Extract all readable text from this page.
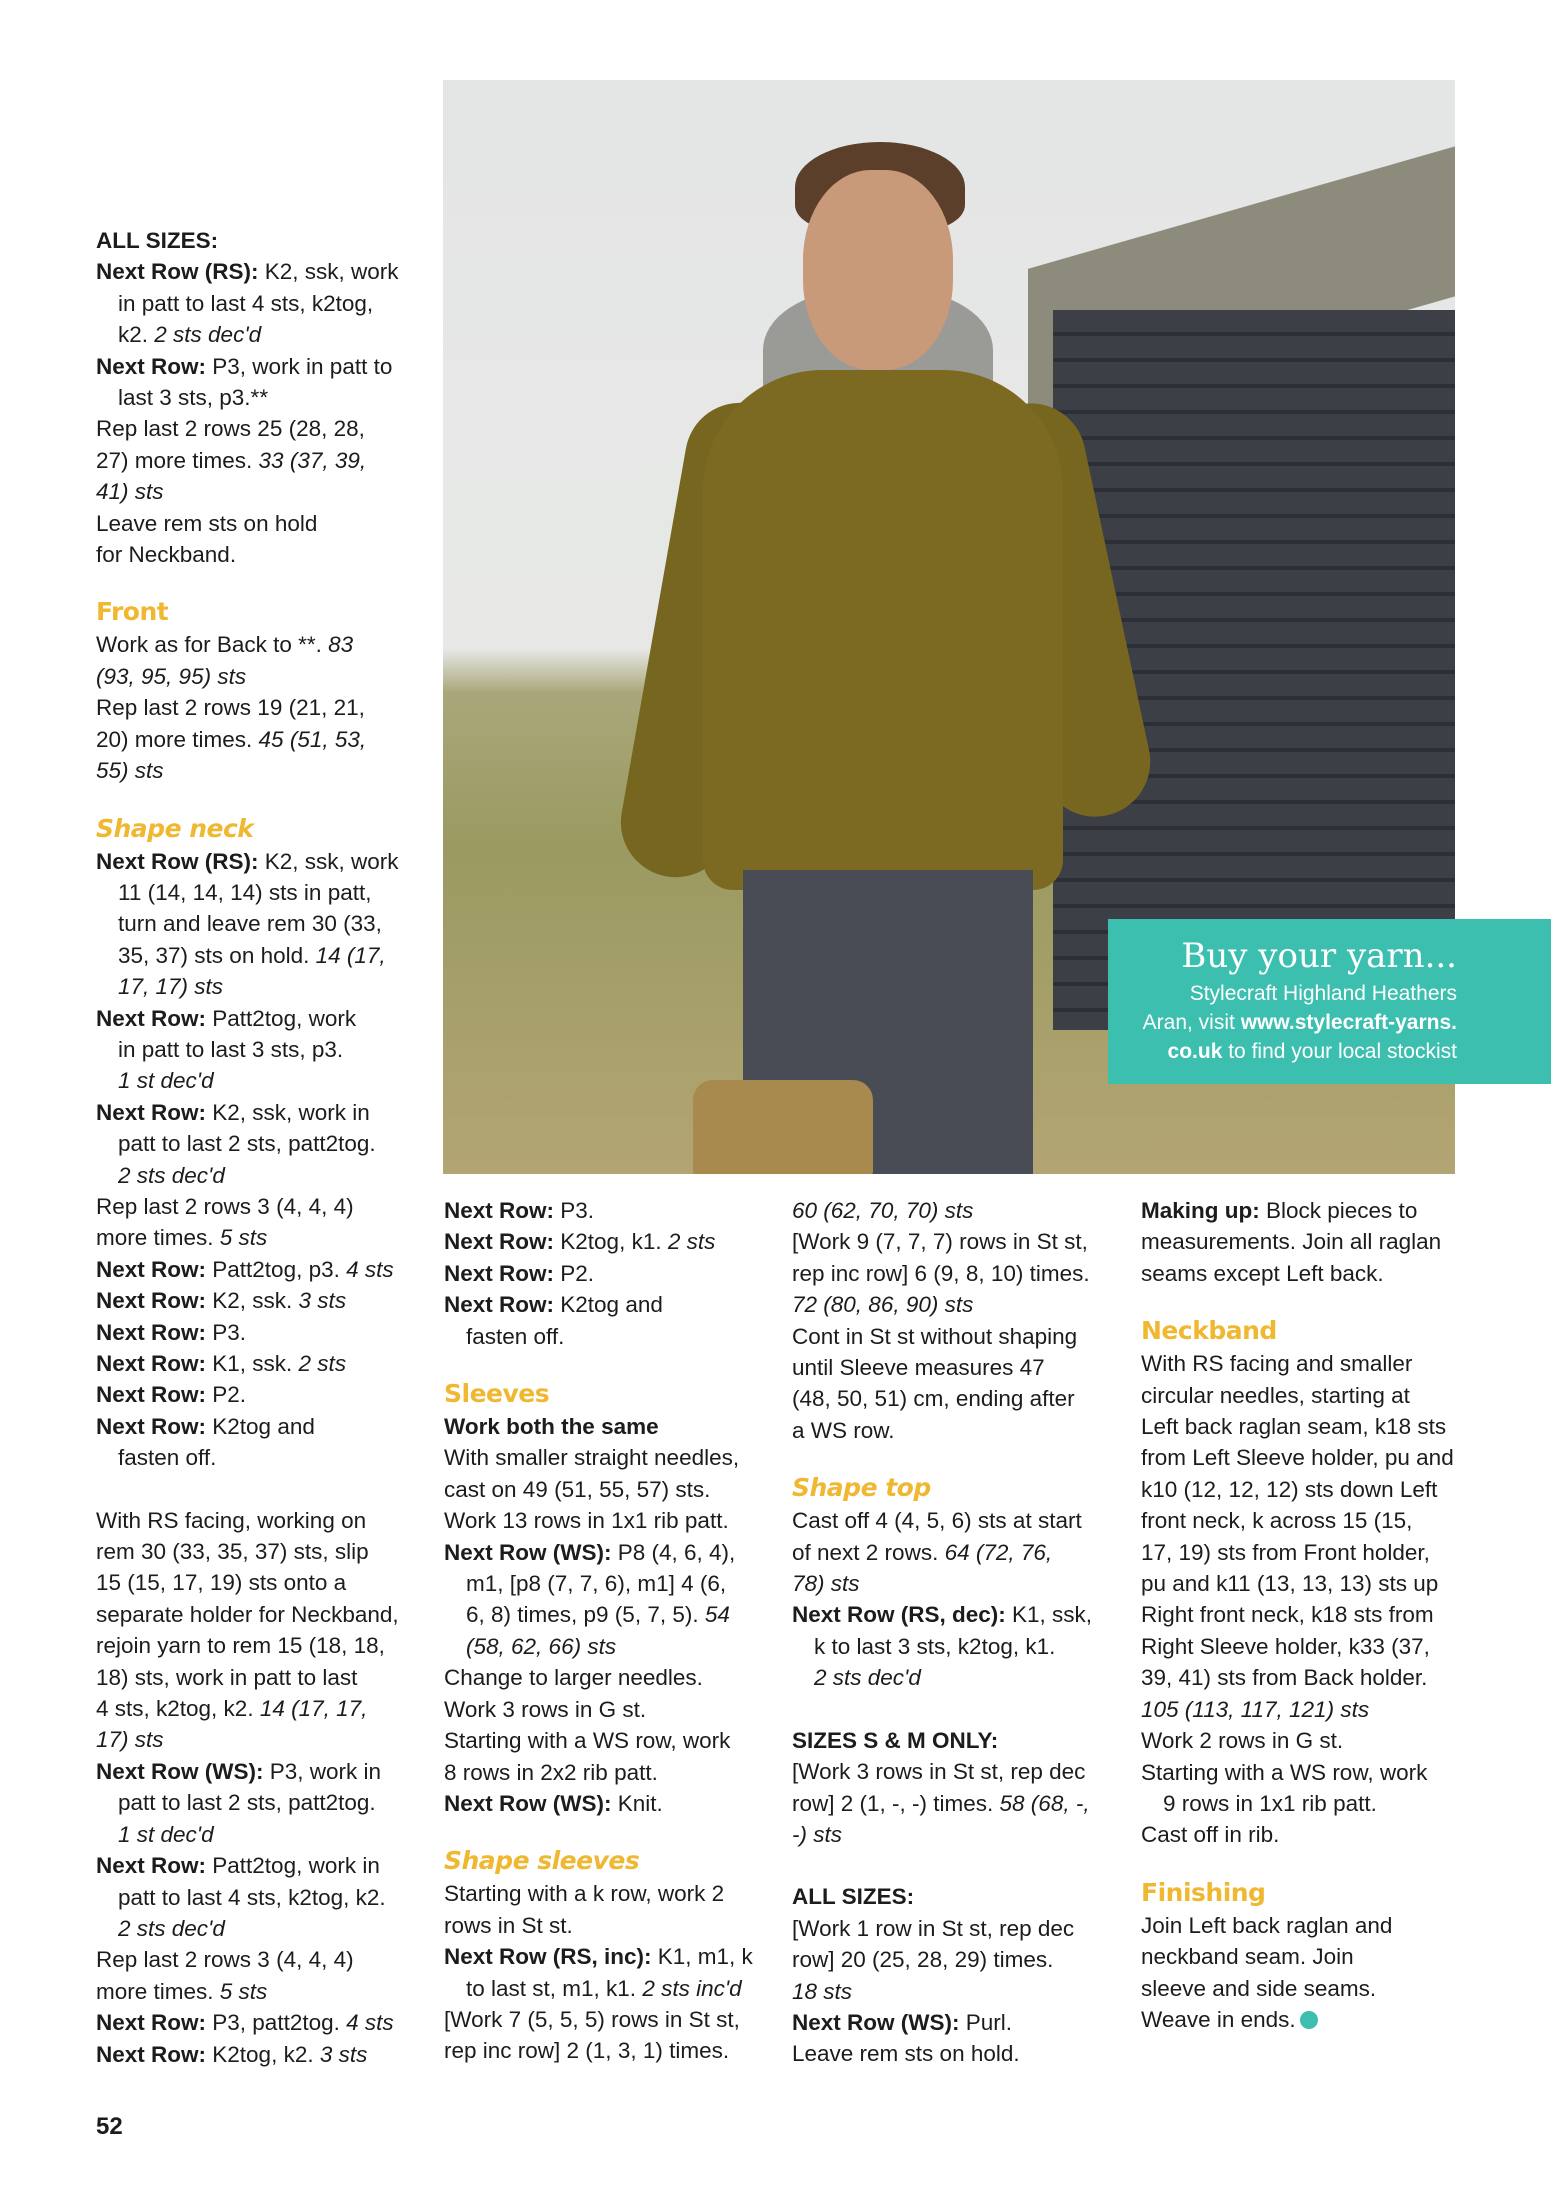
Buy your yarn...
Stylecraft Highland Heathers
Aran, visit www.stylecraft-yarns.
co.uk to find your local stockist

ALL SIZES:

Next Row (RS): K2, ssk, work

in patt to last 4 sts, k2tog,

k2. 2 sts dec'd

Next Row: P3, work in patt to

last 3 sts, p3.**

Rep last 2 rows 25 (28, 28,

27) more times. 33 (37, 39,

41) sts

Leave rem sts on hold

for Neckband.

Front

Work as for Back to **. 83

(93, 95, 95) sts

Rep last 2 rows 19 (21, 21,

20) more times. 45 (51, 53,

55) sts

Shape neck

Next Row (RS): K2, ssk, work

11 (14, 14, 14) sts in patt,

turn and leave rem 30 (33,

35, 37) sts on hold. 14 (17,

17, 17) sts

Next Row: Patt2tog, work

in patt to last 3 sts, p3.

1 st dec'd

Next Row: K2, ssk, work in

patt to last 2 sts, patt2tog.

2 sts dec'd

Rep last 2 rows 3 (4, 4, 4)

more times. 5 sts

Next Row: Patt2tog, p3. 4 sts

Next Row: K2, ssk. 3 sts

Next Row: P3.

Next Row: K1, ssk. 2 sts

Next Row: P2.

Next Row: K2tog and

fasten off.

With RS facing, working on

rem 30 (33, 35, 37) sts, slip

15 (15, 17, 19) sts onto a

separate holder for Neckband,

rejoin yarn to rem 15 (18, 18,

18) sts, work in patt to last

4 sts, k2tog, k2. 14 (17, 17,

17) sts

Next Row (WS): P3, work in

patt to last 2 sts, patt2tog.

1 st dec'd

Next Row: Patt2tog, work in

patt to last 4 sts, k2tog, k2.

2 sts dec'd

Rep last 2 rows 3 (4, 4, 4)

more times. 5 sts

Next Row: P3, patt2tog. 4 sts

Next Row: K2tog, k2. 3 sts

Next Row: P3.

Next Row: K2tog, k1. 2 sts

Next Row: P2.

Next Row: K2tog and

fasten off.

Sleeves

Work both the same

With smaller straight needles,

cast on 49 (51, 55, 57) sts.

Work 13 rows in 1x1 rib patt.

Next Row (WS): P8 (4, 6, 4),

m1, [p8 (7, 7, 6), m1] 4 (6,

6, 8) times, p9 (5, 7, 5). 54

(58, 62, 66) sts

Change to larger needles.

Work 3 rows in G st.

Starting with a WS row, work

8 rows in 2x2 rib patt.

Next Row (WS): Knit.

Shape sleeves

Starting with a k row, work 2

rows in St st.

Next Row (RS, inc): K1, m1, k

to last st, m1, k1. 2 sts inc'd

[Work 7 (5, 5, 5) rows in St st,

rep inc row] 2 (1, 3, 1) times.

60 (62, 70, 70) sts

[Work 9 (7, 7, 7) rows in St st,

rep inc row] 6 (9, 8, 10) times.

72 (80, 86, 90) sts

Cont in St st without shaping

until Sleeve measures 47

(48, 50, 51) cm, ending after

a WS row.

Shape top

Cast off 4 (4, 5, 6) sts at start

of next 2 rows. 64 (72, 76,

78) sts

Next Row (RS, dec): K1, ssk,

k to last 3 sts, k2tog, k1.

2 sts dec'd

SIZES S & M ONLY:

[Work 3 rows in St st, rep dec

row] 2 (1, -, -) times. 58 (68, -,

-) sts

ALL SIZES:

[Work 1 row in St st, rep dec

row] 20 (25, 28, 29) times.

18 sts

Next Row (WS): Purl.

Leave rem sts on hold.

Making up: Block pieces to

measurements. Join all raglan

seams except Left back.

Neckband

With RS facing and smaller

circular needles, starting at

Left back raglan seam, k18 sts

from Left Sleeve holder, pu and

k10 (12, 12, 12) sts down Left

front neck, k across 15 (15,

17, 19) sts from Front holder,

pu and k11 (13, 13, 13) sts up

Right front neck, k18 sts from

Right Sleeve holder, k33 (37,

39, 41) sts from Back holder.

105 (113, 117, 121) sts

Work 2 rows in G st.

Starting with a WS row, work

9 rows in 1x1 rib patt.

Cast off in rib.

Finishing

Join Left back raglan and

neckband seam. Join

sleeve and side seams.

Weave in ends.

52
